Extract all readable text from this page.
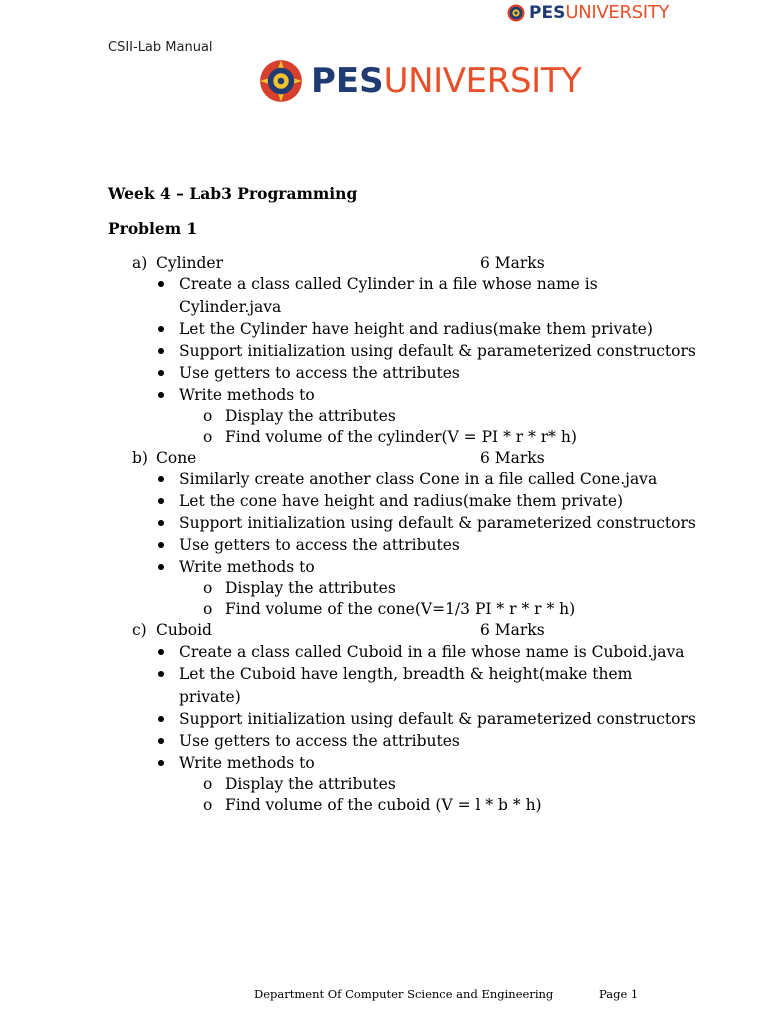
PES UNIVERSITY
CSII-Lab Manual
PES UNIVERSITY
Week 4 – Lab3 Programming
Problem 1
a) Cylinder	6 Marks
Create a class called Cylinder in a file whose name is
Cylinder.java
Let the Cylinder have height and radius(make them private)
Support initialization using default & parameterized constructors
Use getters to access the attributes
Write methods to
o Display the attributes
o Find volume of the cylinder(V = PI * r * r* h)
b) Cone	6 Marks
Similarly create another class Cone in a file called Cone.java
Let the cone have height and radius(make them private)
Support initialization using default & parameterized constructors
Use getters to access the attributes
Write methods to
o Display the attributes
o Find volume of the cone(V=1/3 PI * r * r * h)
c) Cuboid	6 Marks
Create a class called Cuboid in a file whose name is Cuboid.java
Let the Cuboid have length, breadth & height(make them
private)
Support initialization using default & parameterized constructors
Use getters to access the attributes
Write methods to
o Display the attributes
o Find volume of the cuboid (V = l * b * h)
Department Of Computer Science and Engineering	Page 1
